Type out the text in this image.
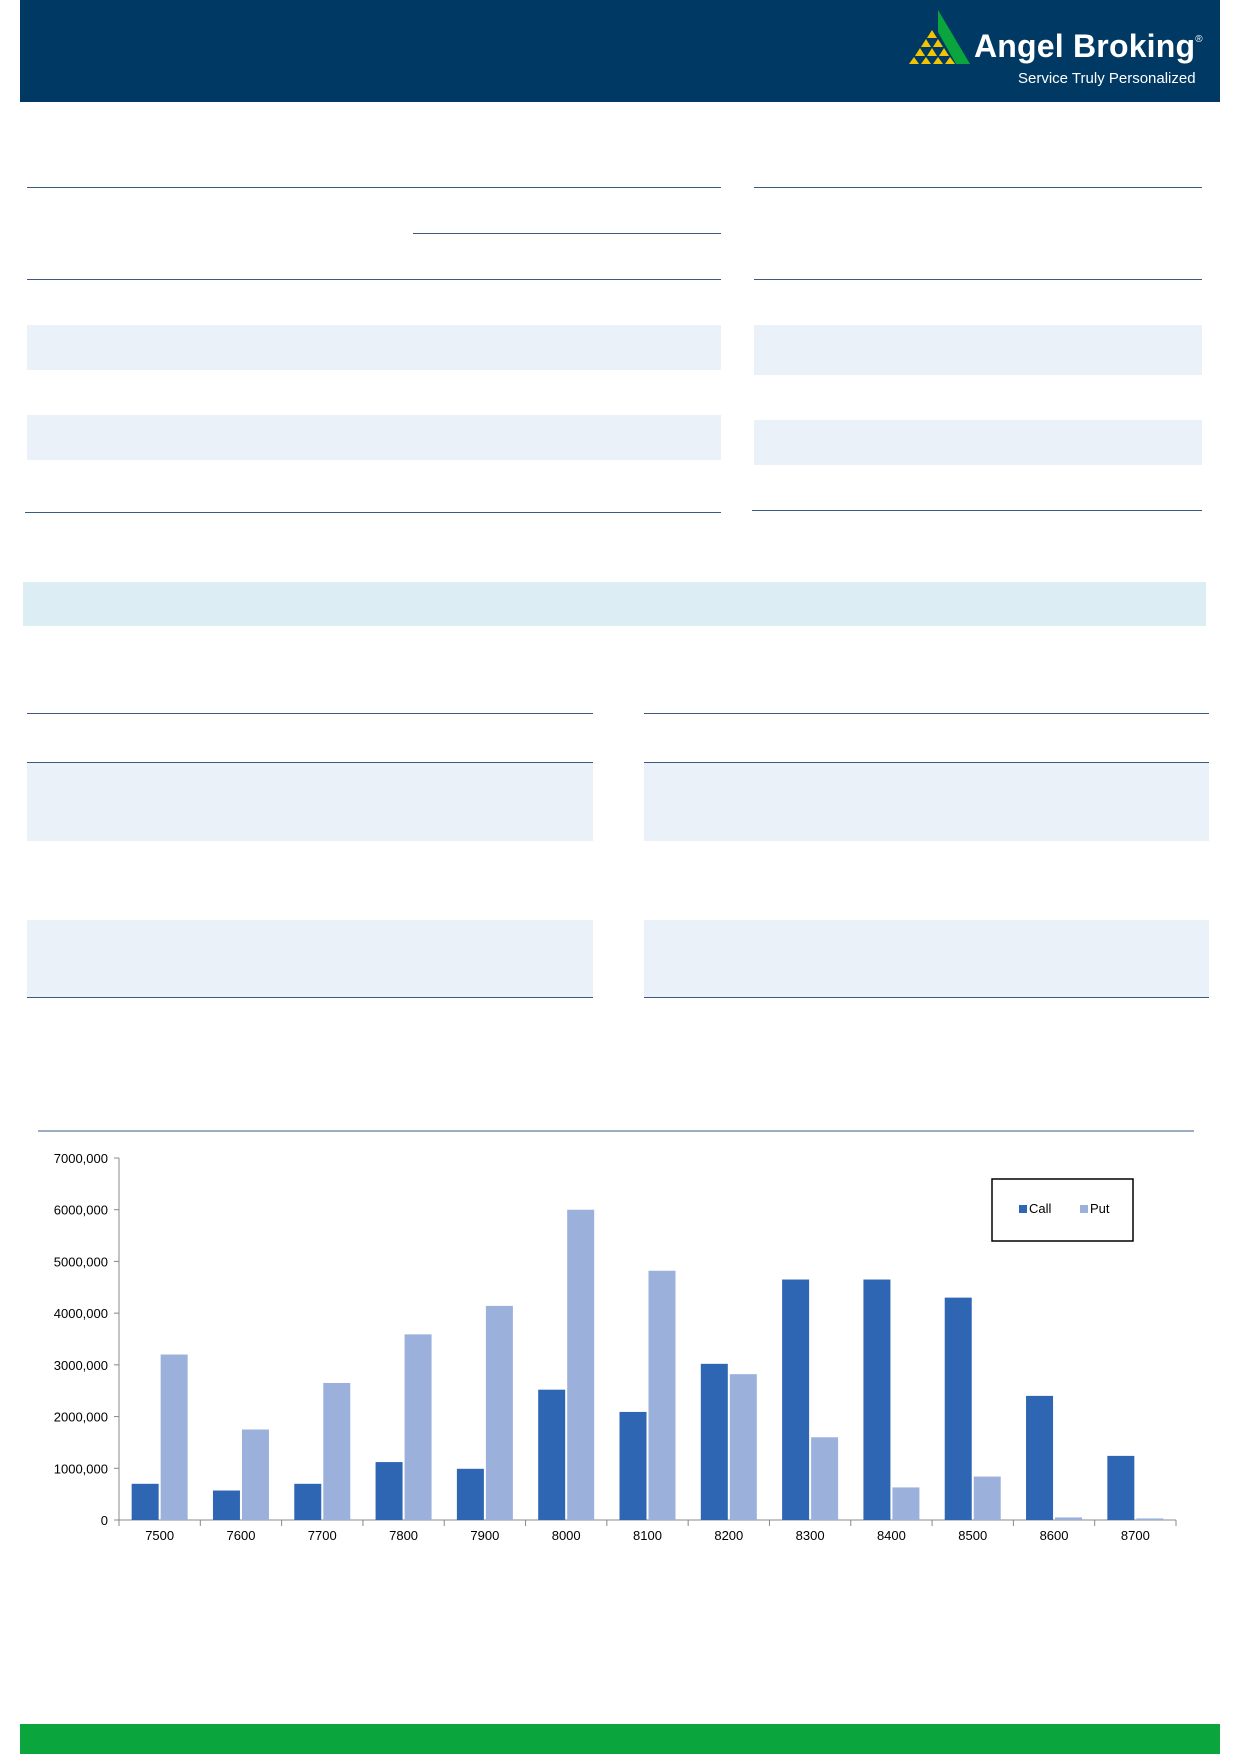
Angel Broking®
Service Truly Personalized
0
1000,000
2000,000
3000,000
4000,000
5000,000
6000,000
7000,000
7500	7600	7700	7800	7900	8000	8100	8200	8300	8400	8500	8600	8700
Call	Put
